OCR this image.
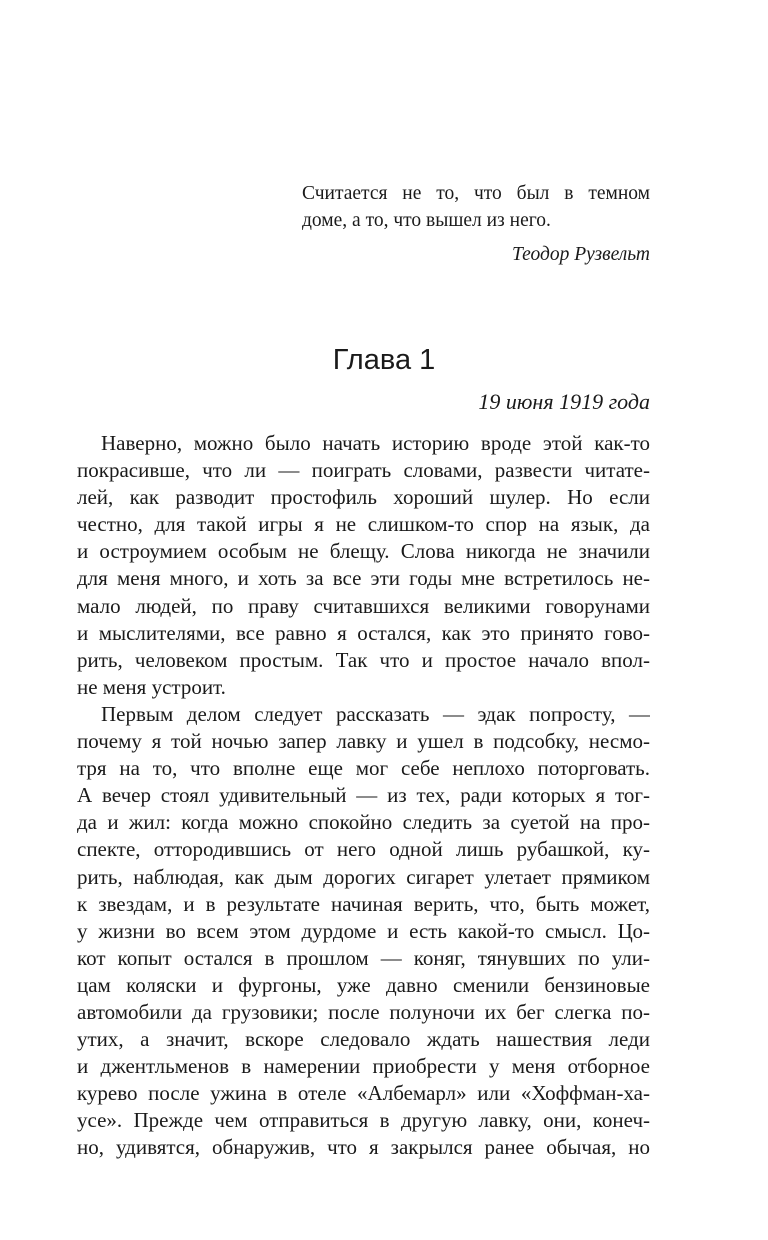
Считается не то, что был в темном
доме, а то, что вышел из него.
Теодор Рузвельт
Глава 1
19 июня 1919 года
Наверно, можно было начать историю вроде этой как-то
покрасивше, что ли — поиграть словами, развести читате-
лей, как разводит простофиль хороший шулер. Но если
честно, для такой игры я не слишком-то спор на язык, да
и остроумием особым не блещу. Слова никогда не значили
для меня много, и хоть за все эти годы мне встретилось не-
мало людей, по праву считавшихся великими говорунами
и мыслителями, все равно я остался, как это принято гово-
рить, человеком простым. Так что и простое начало впол-
не меня устроит.
Первым делом следует рассказать — эдак попросту, —
почему я той ночью запер лавку и ушел в подсобку, несмо-
тря на то, что вполне еще мог себе неплохо поторговать.
А вечер стоял удивительный — из тех, ради которых я тог-
да и жил: когда можно спокойно следить за суетой на про-
спекте, оттородившись от него одной лишь рубашкой, ку-
рить, наблюдая, как дым дорогих сигарет улетает прямиком
к звездам, и в результате начиная верить, что, быть может,
у жизни во всем этом дурдоме и есть какой-то смысл. Цо-
кот копыт остался в прошлом — коняг, тянувших по ули-
цам коляски и фургоны, уже давно сменили бензиновые
автомобили да грузовики; после полуночи их бег слегка по-
утих, а значит, вскоре следовало ждать нашествия леди
и джентльменов в намерении приобрести у меня отборное
курево после ужина в отеле «Албемарл» или «Хоффман-ха-
усе». Прежде чем отправиться в другую лавку, они, конеч-
но, удивятся, обнаружив, что я закрылся ранее обычая, но
